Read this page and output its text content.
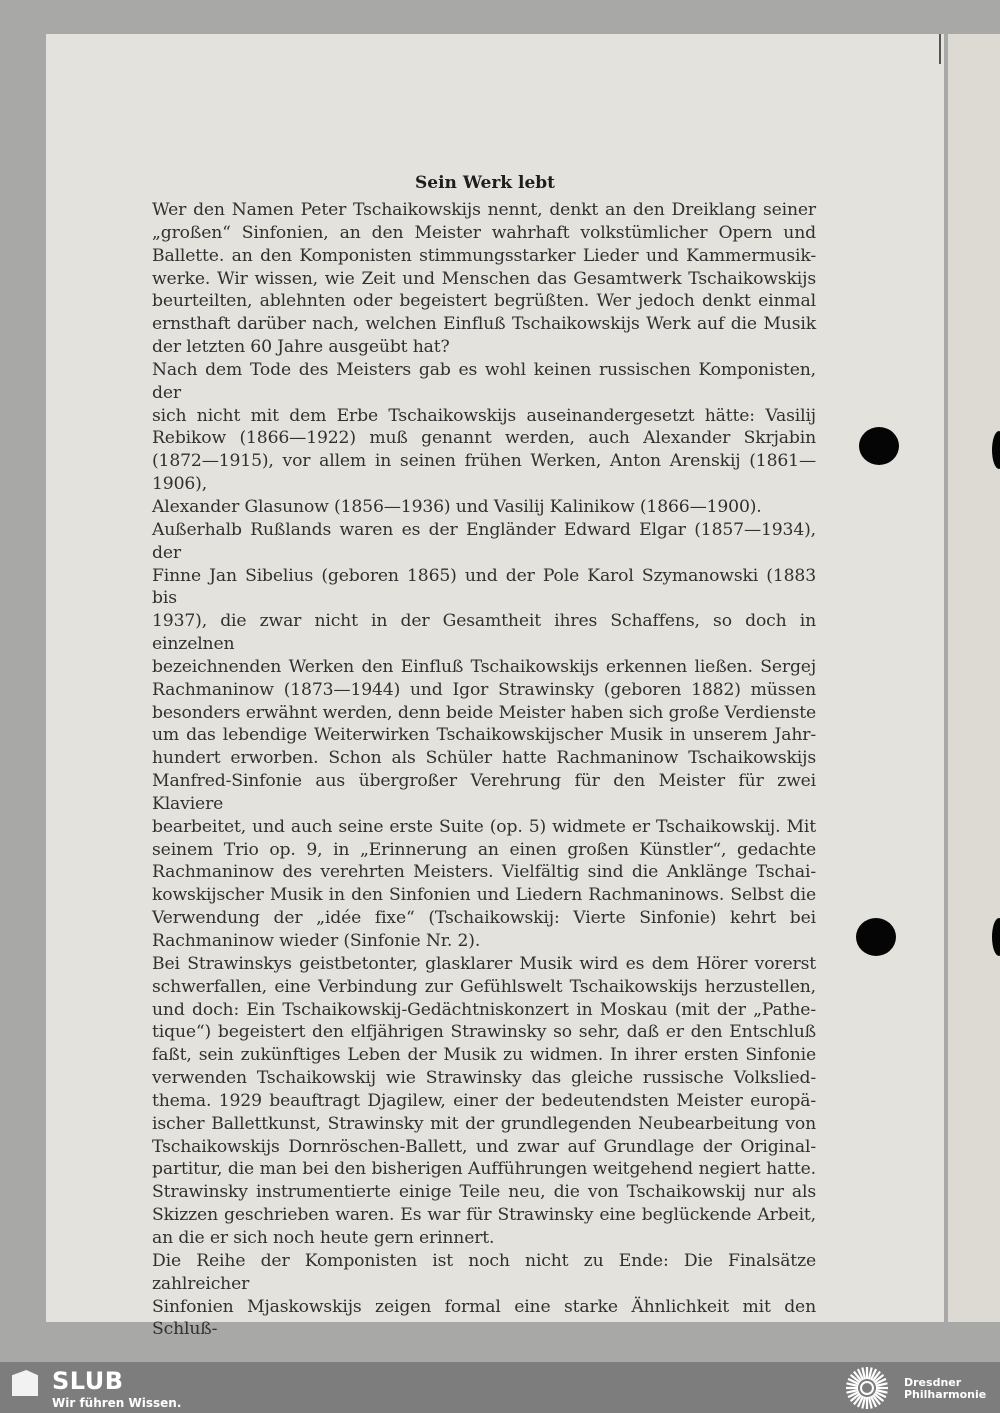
Sein Werk lebt

Wer den Namen Peter Tschaikowskijs nennt, denkt an den Dreiklang seiner

„großen“ Sinfonien, an den Meister wahrhaft volkstümlicher Opern und

Ballette. an den Komponisten stimmungsstarker Lieder und Kammermusik-

werke. Wir wissen, wie Zeit und Menschen das Gesamtwerk Tschaikowskijs

beurteilten, ablehnten oder begeistert begrüßten. Wer jedoch denkt einmal

ernsthaft darüber nach, welchen Einfluß Tschaikowskijs Werk auf die Musik

der letzten 60 Jahre ausgeübt hat?

Nach dem Tode des Meisters gab es wohl keinen russischen Komponisten, der

sich nicht mit dem Erbe Tschaikowskijs auseinandergesetzt hätte: Vasilij

Rebikow (1866—1922) muß genannt werden, auch Alexander Skrjabin

(1872—1915), vor allem in seinen frühen Werken, Anton Arenskij (1861—1906),

Alexander Glasunow (1856—1936) und Vasilij Kalinikow (1866—1900).

Außerhalb Rußlands waren es der Engländer Edward Elgar (1857—1934), der

Finne Jan Sibelius (geboren 1865) und der Pole Karol Szymanowski (1883 bis

1937), die zwar nicht in der Gesamtheit ihres Schaffens, so doch in einzelnen

bezeichnenden Werken den Einfluß Tschaikowskijs erkennen ließen. Sergej

Rachmaninow (1873—1944) und Igor Strawinsky (geboren 1882) müssen

besonders erwähnt werden, denn beide Meister haben sich große Verdienste

um das lebendige Weiterwirken Tschaikowskijscher Musik in unserem Jahr-

hundert erworben. Schon als Schüler hatte Rachmaninow Tschaikowskijs

Manfred-Sinfonie aus übergroßer Verehrung für den Meister für zwei Klaviere

bearbeitet, und auch seine erste Suite (op. 5) widmete er Tschaikowskij. Mit

seinem Trio op. 9, in „Erinnerung an einen großen Künstler“, gedachte

Rachmaninow des verehrten Meisters. Vielfältig sind die Anklänge Tschai-

kowskijscher Musik in den Sinfonien und Liedern Rachmaninows. Selbst die

Verwendung der „idée fixe“ (Tschaikowskij: Vierte Sinfonie) kehrt bei

Rachmaninow wieder (Sinfonie Nr. 2).

Bei Strawinskys geistbetonter, glasklarer Musik wird es dem Hörer vorerst

schwerfallen, eine Verbindung zur Gefühlswelt Tschaikowskijs herzustellen,

und doch: Ein Tschaikowskij-Gedächtniskonzert in Moskau (mit der „Pathe-

tique“) begeistert den elfjährigen Strawinsky so sehr, daß er den Entschluß

faßt, sein zukünftiges Leben der Musik zu widmen. In ihrer ersten Sinfonie

verwenden Tschaikowskij wie Strawinsky das gleiche russische Volkslied-

thema. 1929 beauftragt Djagilew, einer der bedeutendsten Meister europä-

ischer Ballettkunst, Strawinsky mit der grundlegenden Neubearbeitung von

Tschaikowskijs Dornröschen-Ballett, und zwar auf Grundlage der Original-

partitur, die man bei den bisherigen Aufführungen weitgehend negiert hatte.

Strawinsky instrumentierte einige Teile neu, die von Tschaikowskij nur als

Skizzen geschrieben waren. Es war für Strawinsky eine beglückende Arbeit,

an die er sich noch heute gern erinnert.

Die Reihe der Komponisten ist noch nicht zu Ende: Die Finalsätze zahlreicher

Sinfonien Mjaskowskijs zeigen formal eine starke Ähnlichkeit mit den Schluß-

SLUB
Wir führen Wissen.
Dresdner
Philharmonie
